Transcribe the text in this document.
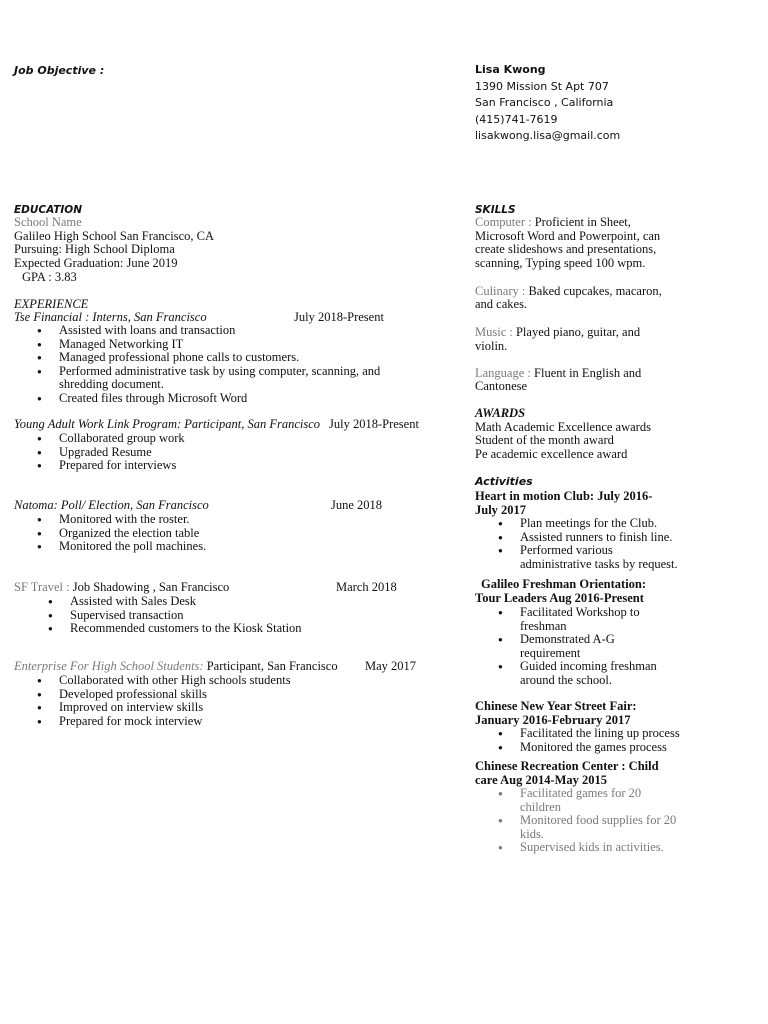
Job Objective :	Lisa Kwong
1390 Mission St Apt 707
San Francisco , California
(415)741-7619
lisakwong.lisa@gmail.com
EDUCATION
School Name
Galileo High School San Francisco, CA
Pursuing: High School Diploma
Expected Graduation: June 2019
GPA : 3.83
EXPERIENCE
Tse Financial : Interns, San Francisco	July 2018-Present
● Assisted with loans and transaction
● Managed Networking IT
● Managed professional phone calls to customers.
● Performed administrative task by using computer, scanning, and
shredding document.
● Created files through Microsoft Word
Young Adult Work Link Program: Participant, San Francisco July 2018-Present
● Collaborated group work
● Upgraded Resume
● Prepared for interviews
Natoma: Poll/ Election, San Francisco	June 2018
● Monitored with the roster.
● Organized the election table
● Monitored the poll machines.
SF Travel : Job Shadowing , San Francisco	March 2018
● Assisted with Sales Desk
● Supervised transaction
● Recommended customers to the Kiosk Station
Enterprise For High School Students: Participant, San Francisco May 2017
● Collaborated with other High schools students
● Developed professional skills
● Improved on interview skills
● Prepared for mock interview
SKILLS
Computer : Proficient in Sheet,
Microsoft Word and Powerpoint, can
create slideshows and presentations,
scanning, Typing speed 100 wpm.
Culinary : Baked cupcakes, macaron,
and cakes.
Music : Played piano, guitar, and
violin.
Language : Fluent in English and
Cantonese
AWARDS
Math Academic Excellence awards
Student of the month award
Pe academic excellence award
Activities
Heart in motion Club: July 2016-
July 2017
● Plan meetings for the Club.
● Assisted runners to finish line.
● Performed various
administrative tasks by request.
Galileo Freshman Orientation:
Tour Leaders Aug 2016-Present
● Facilitated Workshop to
freshman
● Demonstrated A-G
requirement
● Guided incoming freshman
around the school.
Chinese New Year Street Fair:
January 2016-February 2017
● Facilitated the lining up process
● Monitored the games process
Chinese Recreation Center : Child
care Aug 2014-May 2015
● Facilitated games for 20
children
● Monitored food supplies for 20
kids.
● Supervised kids in activities.
